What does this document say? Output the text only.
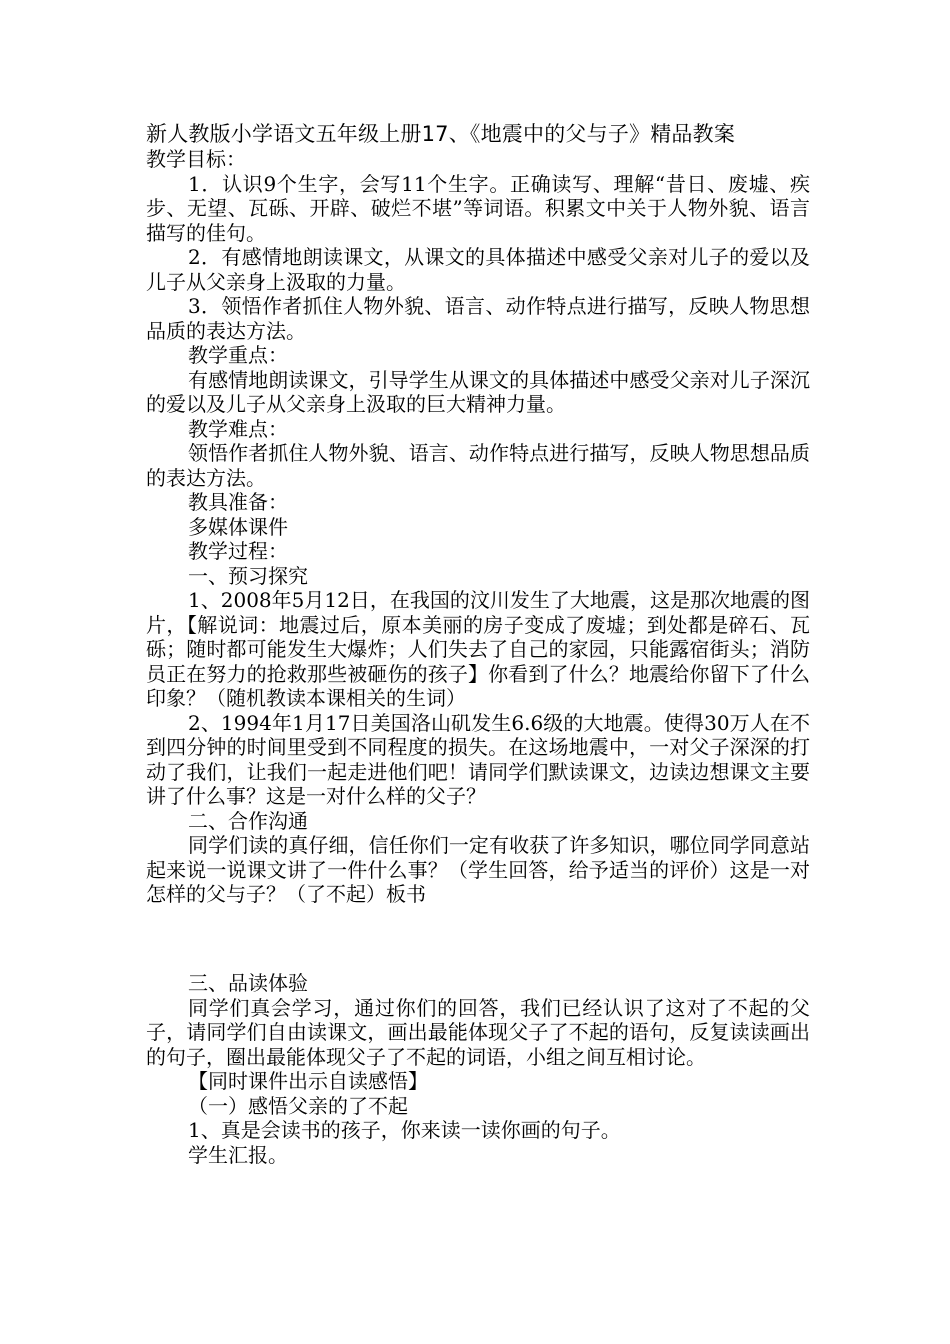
新人教版小学语文五年级上册17、《地震中的父与子》精品教案

教学目标：

1．认识9个生字，会写11个生字。正确读写、理解“昔日、废墟、疾步、无望、瓦砾、开辟、破烂不堪”等词语。积累文中关于人物外貌、语言描写的佳句。

2．有感情地朗读课文，从课文的具体描述中感受父亲对儿子的爱以及儿子从父亲身上汲取的力量。

3．领悟作者抓住人物外貌、语言、动作特点进行描写，反映人物思想品质的表达方法。

教学重点：

有感情地朗读课文，引导学生从课文的具体描述中感受父亲对儿子深沉的爱以及儿子从父亲身上汲取的巨大精神力量。

教学难点：

领悟作者抓住人物外貌、语言、动作特点进行描写，反映人物思想品质的表达方法。

教具准备：

多媒体课件

教学过程：

一、预习探究

1、2008年5月12日，在我国的汶川发生了大地震，这是那次地震的图片，【解说词：地震过后，原本美丽的房子变成了废墟；到处都是碎石、瓦砾；随时都可能发生大爆炸；人们失去了自己的家园，只能露宿街头；消防员正在努力的抢救那些被砸伤的孩子】你看到了什么？地震给你留下了什么印象？（随机教读本课相关的生词）

2、1994年1月17日美国洛山矶发生6.6级的大地震。使得30万人在不到四分钟的时间里受到不同程度的损失。在这场地震中，一对父子深深的打动了我们，让我们一起走进他们吧！请同学们默读课文，边读边想课文主要讲了什么事？这是一对什么样的父子？

二、合作沟通

同学们读的真仔细，信任你们一定有收获了许多知识，哪位同学同意站起来说一说课文讲了一件什么事？（学生回答，给予适当的评价）这是一对怎样的父与子？（了不起）板书

三、品读体验

同学们真会学习，通过你们的回答，我们已经认识了这对了不起的父子，请同学们自由读课文，画出最能体现父子了不起的语句，反复读读画出的句子，圈出最能体现父子了不起的词语，小组之间互相讨论。

【同时课件出示自读感悟】

（一）感悟父亲的了不起

1、真是会读书的孩子，你来读一读你画的句子。

学生汇报。
